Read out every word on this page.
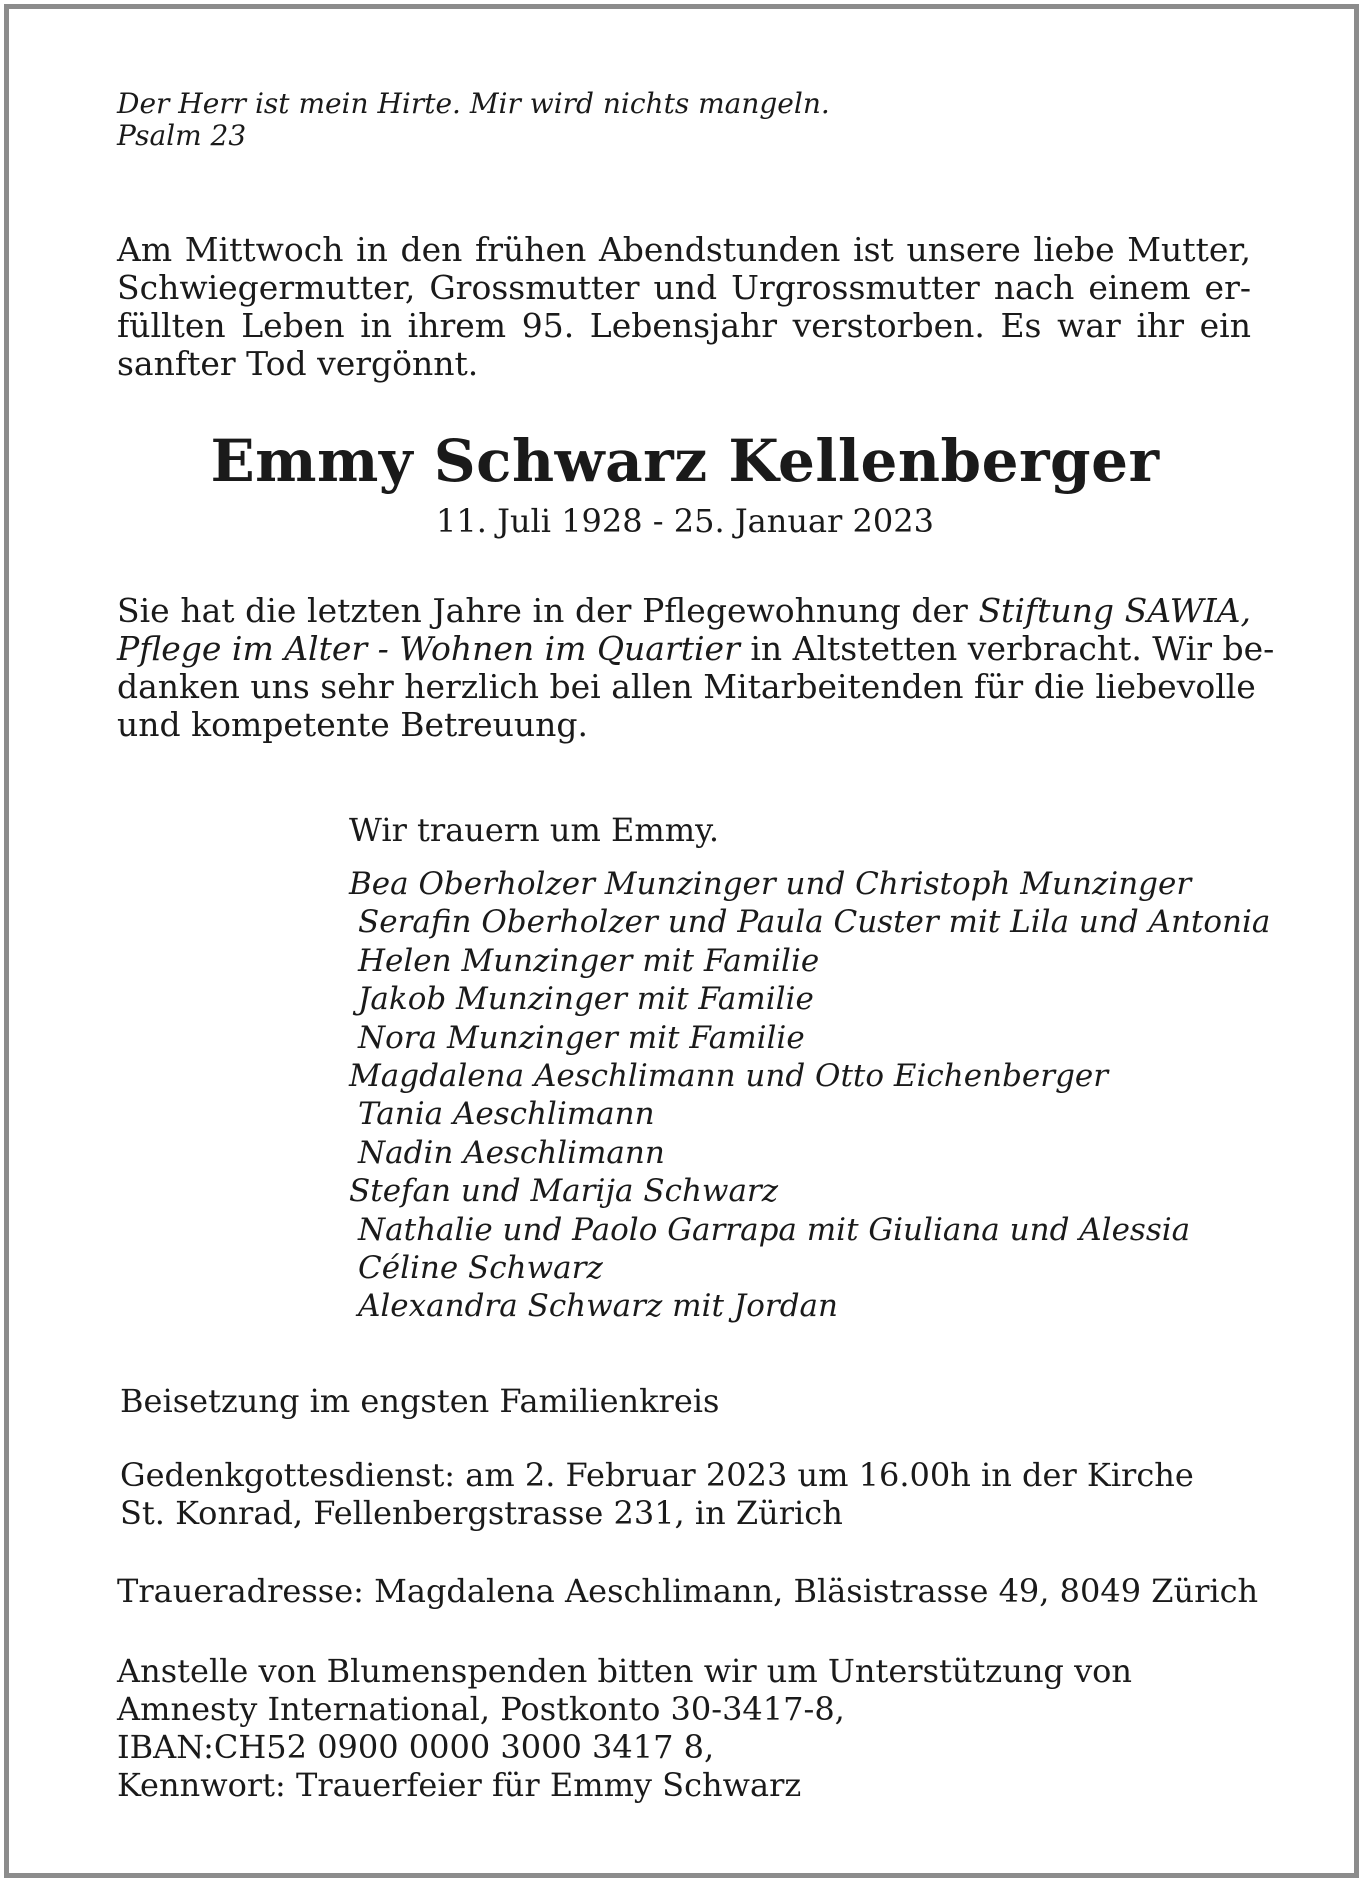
Der Herr ist mein Hirte. Mir wird nichts mangeln.
Psalm 23
Am Mittwoch in den frühen Abendstunden ist unsere liebe Mutter,
Schwiegermutter, Grossmutter und Urgrossmutter nach einem er-
füllten Leben in ihrem 95. Lebensjahr verstorben. Es war ihr ein
sanfter Tod vergönnt.
Emmy Schwarz Kellenberger
11. Juli 1928 - 25. Januar 2023
Sie hat die letzten Jahre in der Pflegewohnung der Stiftung SAWIA,
Pflege im Alter - Wohnen im Quartier in Altstetten verbracht. Wir be-
danken uns sehr herzlich bei allen Mitarbeitenden für die liebevolle
und kompetente Betreuung.
Wir trauern um Emmy.
Bea Oberholzer Munzinger und Christoph Munzinger
Serafin Oberholzer und Paula Custer mit Lila und Antonia
Helen Munzinger mit Familie
Jakob Munzinger mit Familie
Nora Munzinger mit Familie
Magdalena Aeschlimann und Otto Eichenberger
Tania Aeschlimann
Nadin Aeschlimann
Stefan und Marija Schwarz
Nathalie und Paolo Garrapa mit Giuliana und Alessia
Céline Schwarz
Alexandra Schwarz mit Jordan
Beisetzung im engsten Familienkreis
Gedenkgottesdienst: am 2. Februar 2023 um 16.00h in der Kirche
St. Konrad, Fellenbergstrasse 231, in Zürich
Traueradresse: Magdalena Aeschlimann, Bläsistrasse 49, 8049 Zürich
Anstelle von Blumenspenden bitten wir um Unterstützung von
Amnesty International, Postkonto 30-3417-8,
IBAN:CH52 0900 0000 3000 3417 8,
Kennwort: Trauerfeier für Emmy Schwarz
